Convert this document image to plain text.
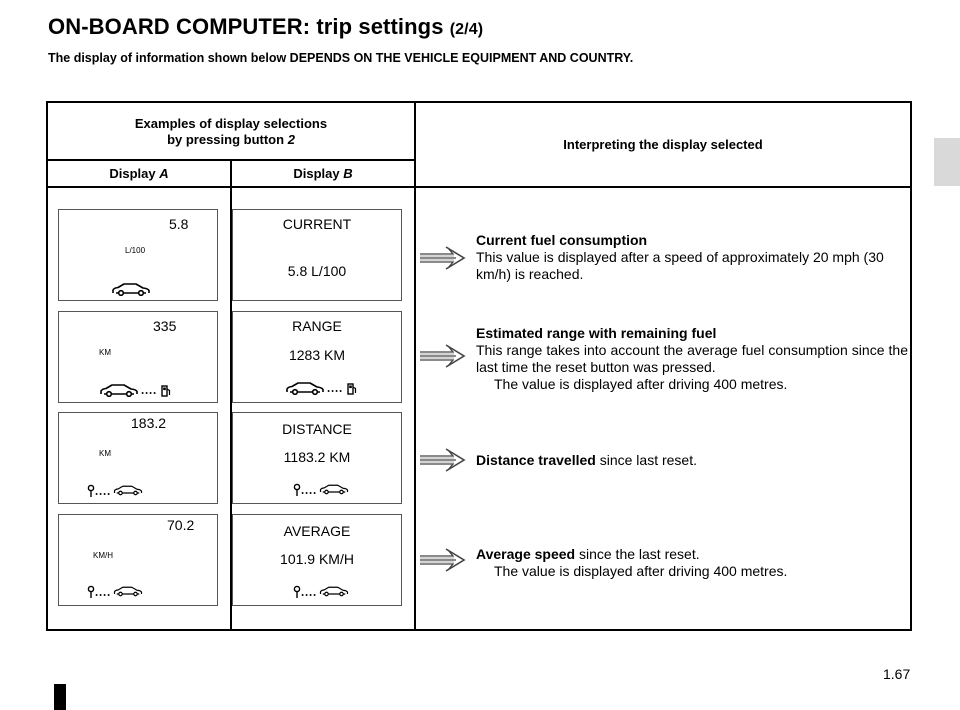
ON-BOARD COMPUTER: trip settings (2/4)

The display of information shown below DEPENDS ON THE VEHICLE EQUIPMENT AND COUNTRY.

Examples of display selections
by pressing button 2	Interpreting the display selected
Display A	Display B
5.8
L/100
CURRENT
5.8 L/100
335
KM
RANGE
1283 KM
183.2
KM
DISTANCE
1183.2 KM
70.2
KM/H
AVERAGE
101.9 KM/H
Current fuel consumption
This value is displayed after a speed of approximately 20 mph (30 km/h) is reached.
Estimated range with remaining fuel
This range takes into account the average fuel consumption since the last time the reset button was pressed.
The value is displayed after driving 400 metres.
Distance travelled since last reset.
Average speed since the last reset.
The value is displayed after driving 400 metres.
1.67
